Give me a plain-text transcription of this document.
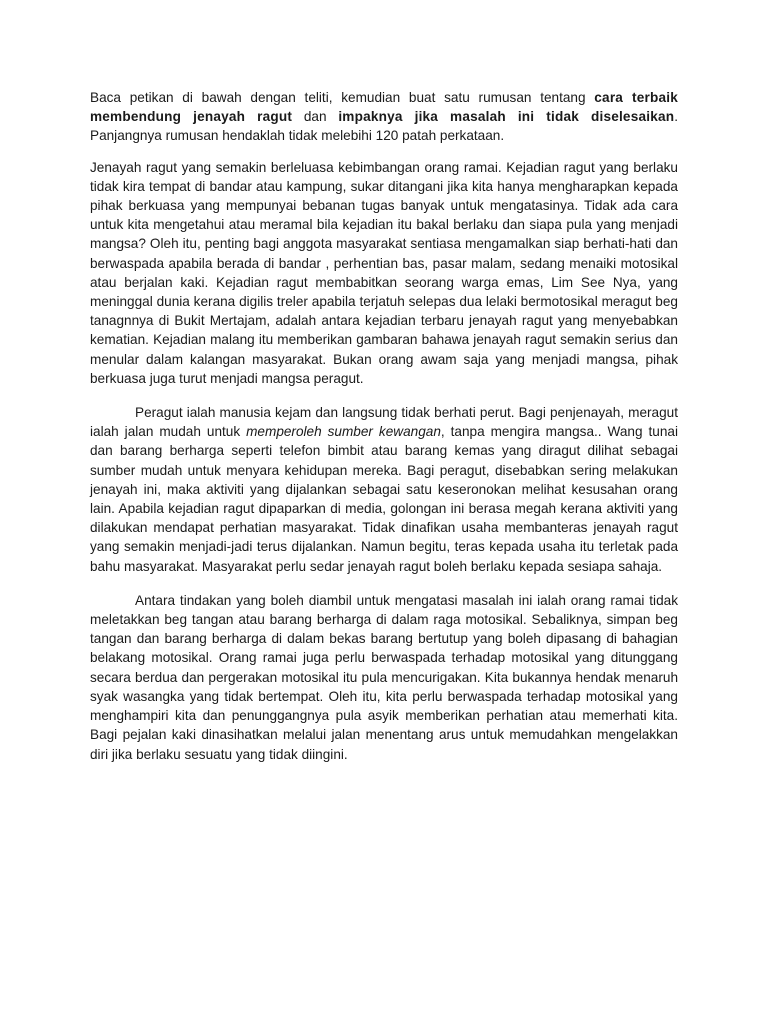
Baca petikan di bawah dengan teliti, kemudian buat satu rumusan tentang cara terbaik membendung jenayah ragut dan impaknya jika masalah ini tidak diselesaikan. Panjangnya rumusan hendaklah tidak melebihi 120 patah perkataan.

Jenayah ragut yang semakin berleluasa kebimbangan orang ramai. Kejadian ragut yang berlaku tidak kira tempat di bandar atau kampung, sukar ditangani jika kita hanya mengharapkan kepada pihak berkuasa yang mempunyai bebanan tugas banyak untuk mengatasinya. Tidak ada cara untuk kita mengetahui atau meramal bila kejadian itu bakal berlaku dan siapa pula yang menjadi mangsa? Oleh itu, penting bagi anggota masyarakat sentiasa mengamalkan siap berhati-hati dan berwaspada apabila berada di bandar , perhentian bas, pasar malam, sedang menaiki motosikal atau berjalan kaki. Kejadian ragut membabitkan seorang warga emas, Lim See Nya, yang meninggal dunia kerana digilis treler apabila terjatuh selepas dua lelaki bermotosikal meragut beg tanagnnya di Bukit Mertajam, adalah antara kejadian terbaru jenayah ragut yang menyebabkan kematian. Kejadian malang itu memberikan gambaran bahawa jenayah ragut semakin serius dan menular dalam kalangan masyarakat. Bukan orang awam saja yang menjadi mangsa, pihak berkuasa juga turut menjadi mangsa peragut.

Peragut ialah manusia kejam dan langsung tidak berhati perut. Bagi penjenayah, meragut ialah jalan mudah untuk memperoleh sumber kewangan, tanpa mengira mangsa.. Wang tunai dan barang berharga seperti telefon bimbit atau barang kemas yang diragut dilihat sebagai sumber mudah untuk menyara kehidupan mereka. Bagi peragut, disebabkan sering melakukan jenayah ini, maka aktiviti yang dijalankan sebagai satu keseronokan melihat kesusahan orang lain. Apabila kejadian ragut dipaparkan di media, golongan ini berasa megah kerana aktiviti yang dilakukan mendapat perhatian masyarakat. Tidak dinafikan usaha membanteras jenayah ragut yang semakin menjadi-jadi terus dijalankan. Namun begitu, teras kepada usaha itu terletak pada bahu masyarakat. Masyarakat perlu sedar jenayah ragut boleh berlaku kepada sesiapa sahaja.

Antara tindakan yang boleh diambil untuk mengatasi masalah ini ialah orang ramai tidak meletakkan beg tangan atau barang berharga di dalam raga motosikal. Sebaliknya, simpan beg tangan dan barang berharga di dalam bekas barang bertutup yang boleh dipasang di bahagian belakang motosikal. Orang ramai juga perlu berwaspada terhadap motosikal yang ditunggang secara berdua dan pergerakan motosikal itu pula mencurigakan. Kita bukannya hendak menaruh syak wasangka yang tidak bertempat. Oleh itu, kita perlu berwaspada terhadap motosikal yang menghampiri kita dan penunggangnya pula asyik memberikan perhatian atau memerhati kita. Bagi pejalan kaki dinasihatkan melalui jalan menentang arus untuk memudahkan mengelakkan diri jika berlaku sesuatu yang tidak diingini.
